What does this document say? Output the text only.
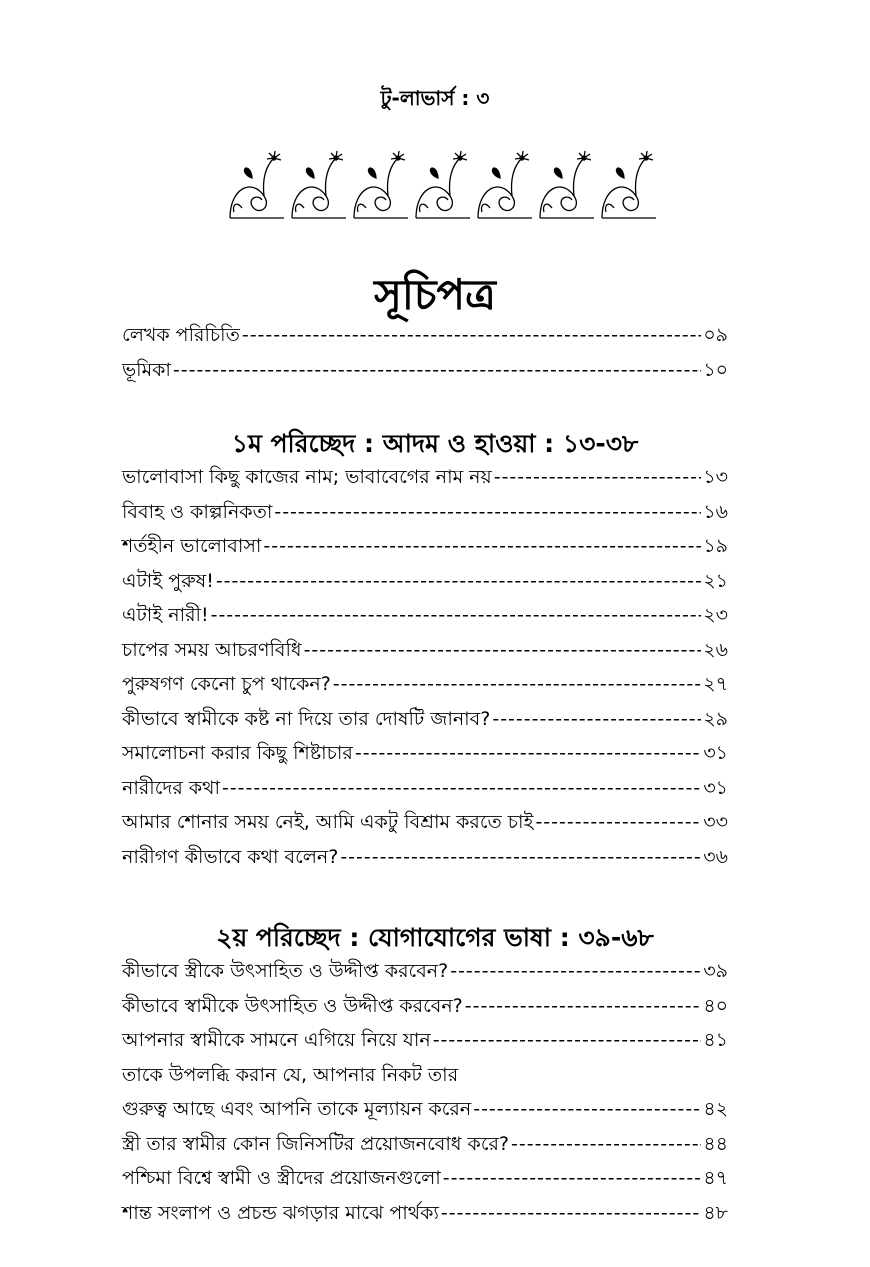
টু-লাভার্স : ৩
সূচিপত্র
লেখক পরিচিতি -----	০৯
ভূমিকা -----	১০
১ম পরিচ্ছেদ : আদম ও হাওয়া : ১৩-৩৮
ভালোবাসা কিছু কাজের নাম; ভাবাবেগের নাম নয় -----	১৩
বিবাহ ও কাল্পনিকতা -----	১৬
শর্তহীন ভালোবাসা -----	১৯
এটাই পুরুষ! -----	২১
এটাই নারী! -----	২৩
চাপের সময় আচরণবিধি -----	২৬
পুরুষগণ কেনো চুপ থাকেন? -----	২৭
কীভাবে স্বামীকে কষ্ট না দিয়ে তার দোষটি জানাব? -----	২৯
সমালোচনা করার কিছু শিষ্টাচার -----	৩১
নারীদের কথা -----	৩১
আমার শোনার সময় নেই, আমি একটু বিশ্রাম করতে চাই -----	৩৩
নারীগণ কীভাবে কথা বলেন? -----	৩৬
২য় পরিচ্ছেদ : যোগাযোগের ভাষা : ৩৯-৬৮
কীভাবে স্ত্রীকে উৎসাহিত ও উদ্দীপ্ত করবেন? -----	৩৯
কীভাবে স্বামীকে উৎসাহিত ও উদ্দীপ্ত করবেন? -----	৪০
আপনার স্বামীকে সামনে এগিয়ে নিয়ে যান -----	৪১
তাকে উপলব্ধি করান যে, আপনার নিকট তার
গুরুত্ব আছে এবং আপনি তাকে মূল্যায়ন করেন -----	৪২
স্ত্রী তার স্বামীর কোন জিনিসটির প্রয়োজনবোধ করে? -----	৪৪
পশ্চিমা বিশ্বে স্বামী ও স্ত্রীদের প্রয়োজনগুলো -----	৪৭
শান্ত সংলাপ ও প্রচন্ড ঝগড়ার মাঝে পার্থক্য -----	৪৮
